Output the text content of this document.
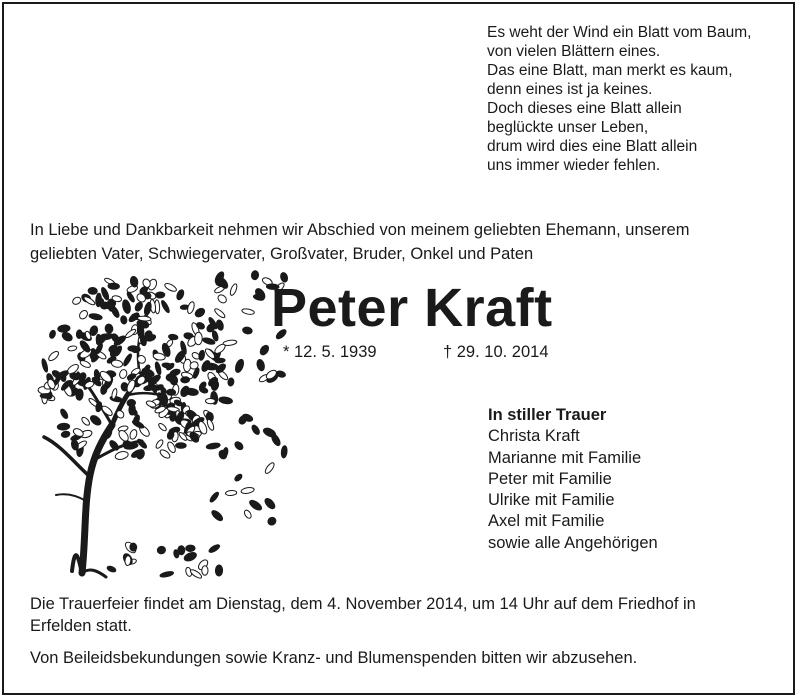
Es weht der Wind ein Blatt vom Baum,
von vielen Blättern eines.
Das eine Blatt, man merkt es kaum,
denn eines ist ja keines.
Doch dieses eine Blatt allein
beglückte unser Leben,
drum wird dies eine Blatt allein
uns immer wieder fehlen.
In Liebe und Dankbarkeit nehmen wir Abschied von meinem geliebten Ehemann, unserem
geliebten Vater, Schwiegervater, Großvater, Bruder, Onkel und Paten
Peter Kraft
* 12. 5. 1939	† 29. 10. 2014
In stiller Trauer
Christa Kraft
Marianne mit Familie
Peter mit Familie
Ulrike mit Familie
Axel mit Familie
sowie alle Angehörigen
Die Trauerfeier findet am Dienstag, dem 4. November 2014, um 14 Uhr auf dem Friedhof in
Erfelden statt.
Von Beileidsbekundungen sowie Kranz- und Blumenspenden bitten wir abzusehen.
